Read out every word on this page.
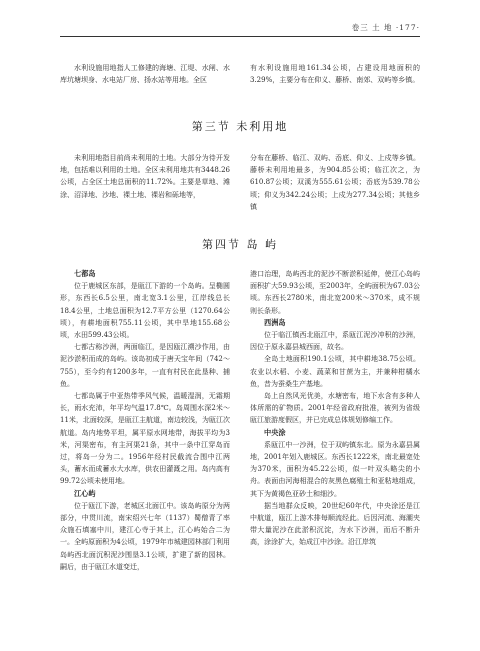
卷三 土 地 ·177·

水利设施用地指人工修建的海塘、江堤、水闸、水库坑塘坝身、水电站厂房、扬水站等用地。全区

有水利设施用地161.34公顷，占建设用地面积的3.29%，主要分布在仰义、藤桥、南郊、双屿等乡镇。

第三节 未利用地

未利用地指目前尚未利用的土地。大部分为待开发地，包括难以利用的土地。全区未利用地共有3448.26公顷，占全区土地总面积的11.72%。主要是草地、滩涂、沼泽地、沙地、裸土地、裸岩和砾地等，

分布在藤桥、临江、双屿、岙底、仰义、上戍等乡镇。藤桥未利用地最多，为904.85公顷；临江次之，为610.87公顷；双溪为555.61公顷；岙底为539.78公顷；仰义为342.24公顷；上戍为277.34公顷；其他乡镇

第四节 岛 屿

七都岛

位于鹿城区东部，是瓯江下游的一个岛屿。呈椭圆形，东西长6.5公里，南北宽3.1公里，江岸线总长18.4公里，土地总面积为12.7平方公里（1270.64公顷），有耕地面积755.11公顷，其中旱地155.68公顷，水田599.43公顷。

七都古称沙洲，两面临江，是因瓯江溯沙作用，由泥沙淤积而成的岛屿。该岛初成于唐天宝年间（742～755），至今约有1200多年，一直有村民在此垦种、捕鱼。

七都岛属于中亚热带季风气候，温暖湿润，无霜期长，雨水充沛，年平均气温17.8℃。岛周围水深2米～11米，北面较深，是瓯江主航道，南边较浅，为瓯江次航道。岛内地势平坦，属平原水网地带，海拔平均为3米，河渠密布，有主河渠21条，其中一条中江穿岛而过，将岛一分为二。1956年经村民截流合围中江两头，蓄水而成蓄水大水库，供农田灌溉之用。岛内高有99.72公顷未使用地。

江心屿

位于瓯江下游，老城区北面江中。该岛屿原分为两部分，中贯川流，南宋绍兴七年（1137）蜀僧青了率众施石填塞中川，建江心寺于其上，江心屿始合二为一。全屿原面积为4公顷，1979年市城建园林部门利用岛屿西北面沉积泥沙围垦3.1公顷，扩建了新的园林。嗣后，由于瓯江水道变迁，

港口治理，岛屿西北的泥沙不断淤积延伸，使江心岛屿面积扩大59.93公顷，至2003年，全屿面积为67.03公顷。东西长2780米，南北宽200米～370米，成不规则长条形。

西洲岛

位于临江镇西北瓯江中，系瓯江泥沙冲积的沙洲，因位于原永嘉县城西面，故名。

全岛土地面积190.1公顷，其中耕地38.75公顷。农业以水稻、小麦、蔬菜和甘蔗为主，并兼种柑橘水鱼，昔为蚕桑生产基地。

岛上自然风光优美，水塘密布，地下水含有多种人体所需的矿物质。2001年经省政府批准，被列为省级瓯江旅游度假区，并已完成总体规划修编工作。

中央涂

系瓯江中一沙洲，位于双屿镇东北。原为永嘉县属地，2001年划入鹿城区。东西长1222米，南北最宽处为370米，面积为45.22公顷，似一叶双头略尖的小舟。表面由河海相混合的灰黑色腐殖土和亚粘地组成，其下为黄褐色亚砂土和细沙。

据当地群众反映，20世纪60年代，中央涂还是江中航道，瓯江上游木排每顺流经此。后因河流、海潮夹带大量泥沙在此淤积沉淀，为水下沙洲，而后不断升高，涂涂扩大，始成江中沙涂。沿江岸筑
